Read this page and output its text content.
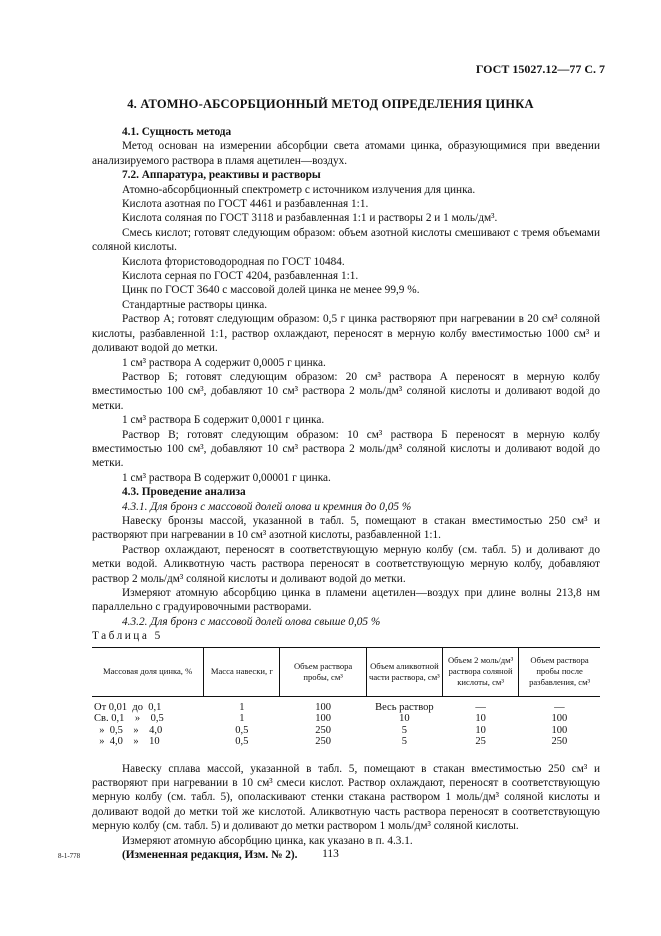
ГОСТ 15027.12—77 С. 7
4. АТОМНО-АБСОРБЦИОННЫЙ МЕТОД ОПРЕДЕЛЕНИЯ ЦИНКА

4.1. Сущность метода

Метод основан на измерении абсорбции света атомами цинка, образующимися при введении анализируемого раствора в пламя ацетилен—воздух.

7.2. Аппаратура, реактивы и растворы

Атомно-абсорбционный спектрометр с источником излучения для цинка.

Кислота азотная по ГОСТ 4461 и разбавленная 1:1.

Кислота соляная по ГОСТ 3118 и разбавленная 1:1 и растворы 2 и 1 моль/дм³.

Смесь кислот; готовят следующим образом: объем азотной кислоты смешивают с тремя объемами соляной кислоты.

Кислота фтористоводородная по ГОСТ 10484.

Кислота серная по ГОСТ 4204, разбавленная 1:1.

Цинк по ГОСТ 3640 с массовой долей цинка не менее 99,9 %.

Стандартные растворы цинка.

Раствор А; готовят следующим образом: 0,5 г цинка растворяют при нагревании в 20 см³ соляной кислоты, разбавленной 1:1, раствор охлаждают, переносят в мерную колбу вместимостью 1000 см³ и доливают водой до метки.

1 см³ раствора А содержит 0,0005 г цинка.

Раствор Б; готовят следующим образом: 20 см³ раствора А переносят в мерную колбу вместимостью 100 см³, добавляют 10 см³ раствора 2 моль/дм³ соляной кислоты и доливают водой до метки.

1 см³ раствора Б содержит 0,0001 г цинка.

Раствор В; готовят следующим образом: 10 см³ раствора Б переносят в мерную колбу вместимостью 100 см³, добавляют 10 см³ раствора 2 моль/дм³ соляной кислоты и доливают водой до метки.

1 см³ раствора В содержит 0,00001 г цинка.

4.3. Проведение анализа

4.3.1. Для бронз с массовой долей олова и кремния до 0,05 %

Навеску бронзы массой, указанной в табл. 5, помещают в стакан вместимостью 250 см³ и растворяют при нагревании в 10 см³ азотной кислоты, разбавленной 1:1.

Раствор охлаждают, переносят в соответствующую мерную колбу (см. табл. 5) и доливают до метки водой. Аликвотную часть раствора переносят в соответствующую мерную колбу, добавляют раствор 2 моль/дм³ соляной кислоты и доливают водой до метки.

Измеряют атомную абсорбцию цинка в пламени ацетилен—воздух при длине волны 213,8 нм параллельно с градуировочными растворами.

4.3.2. Для бронз с массовой долей олова свыше 0,05 %

Таблица 5

Массовая доля цинка, %	Масса навески, г	Объем раствора пробы, см³	Объем аликвотной части раствора, см³	Объем 2 моль/дм³ раствора соляной кислоты, см³	Объем раствора пробы после разбавления, см³
От 0,01  до  0,1	1	100	Весь раствор	—	—
Св. 0,1    »    0,5	1	100	10	10	100
»  0,5    »    4,0	0,5	250	5	10	100
»  4,0    »    10	0,5	250	5	25	250

Навеску сплава массой, указанной в табл. 5, помещают в стакан вместимостью 250 см³ и растворяют при нагревании в 10 см³ смеси кислот. Раствор охлаждают, переносят в соответствующую мерную колбу (см. табл. 5), ополаскивают стенки стакана раствором 1 моль/дм³ соляной кислоты и доливают водой до метки той же кислотой. Аликвотную часть раствора переносят в соответствующую мерную колбу (см. табл. 5) и доливают до метки раствором 1 моль/дм³ соляной кислоты.

Измеряют атомную абсорбцию цинка, как указано в п. 4.3.1.

(Измененная редакция, Изм. № 2).

8-1-778	113
